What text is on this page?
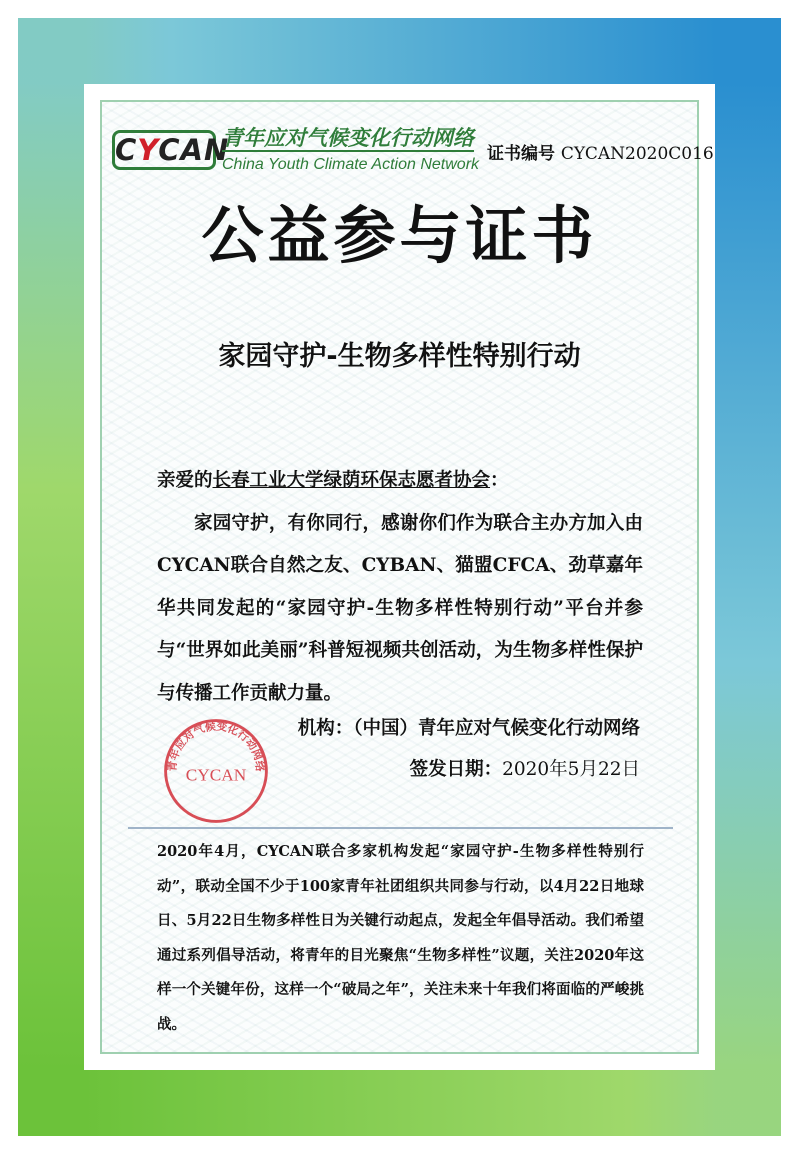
CYCAN
青年应对气候变化行动网络
China Youth Climate Action Network
证书编号 CYCAN2020C016
公益参与证书
家园守护-生物多样性特别行动

亲爱的长春工业大学绿荫环保志愿者协会：

家园守护，有你同行，感谢你们作为联合主办方加入由CYCAN联合自然之友、CYBAN、猫盟CFCA、劲草嘉年华共同发起的“家园守护-生物多样性特别行动”平台并参与“世界如此美丽”科普短视频共创活动，为生物多样性保护与传播工作贡献力量。

青年应对气候变化行动网络
CYCAN
机构：（中国）青年应对气候变化行动网络
签发日期：2020年5月22日
2020年4月，CYCAN联合多家机构发起“家园守护-生物多样性特别行动”，联动全国不少于100家青年社团组织共同参与行动，以4月22日地球日、5月22日生物多样性日为关键行动起点，发起全年倡导活动。我们希望通过系列倡导活动，将青年的目光聚焦“生物多样性”议题，关注2020年这样一个关键年份，这样一个“破局之年”，关注未来十年我们将面临的严峻挑战。
